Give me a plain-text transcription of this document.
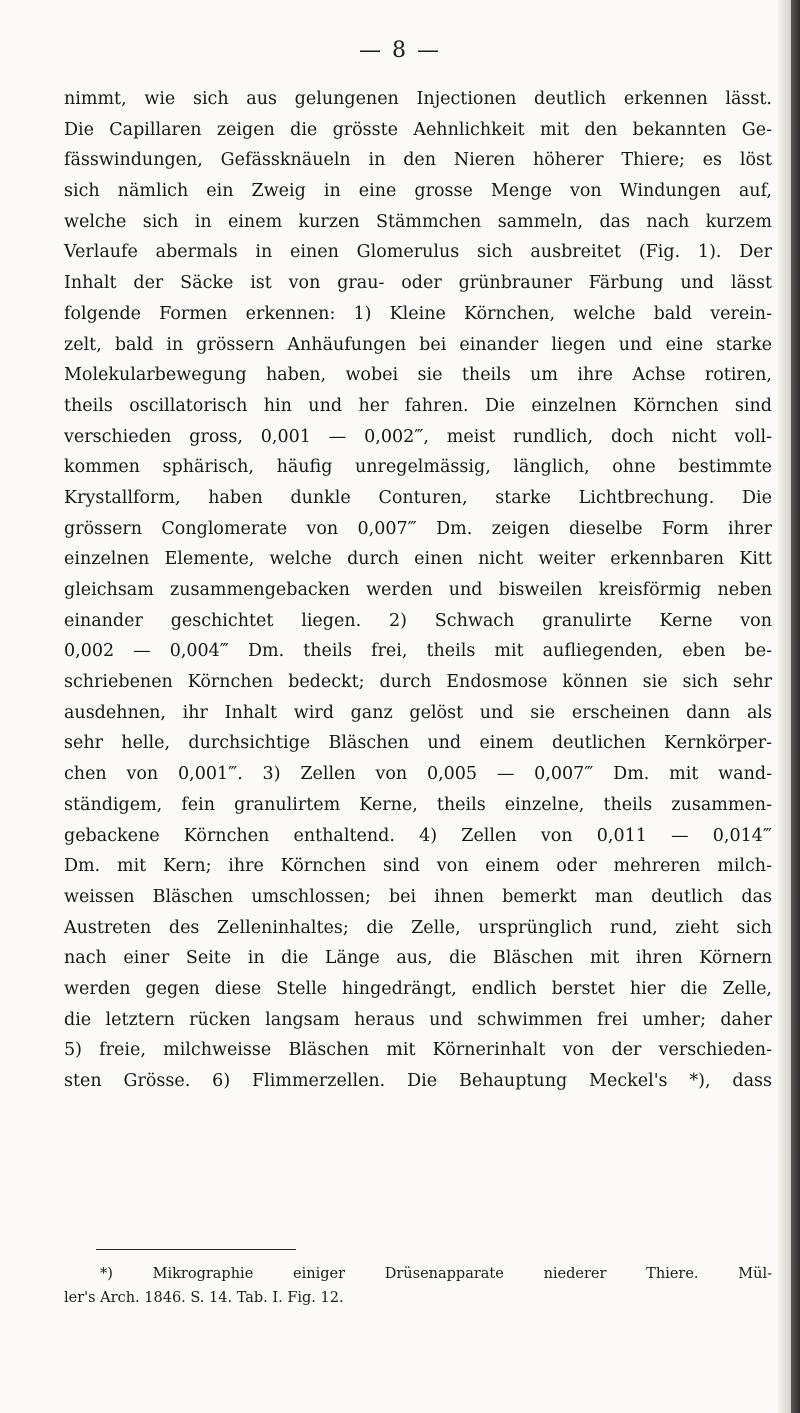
— 8 —
nimmt, wie sich aus gelungenen Injectionen deutlich erkennen lässt.
Die Capillaren zeigen die grösste Aehnlichkeit mit den bekannten Ge-
fässwindungen, Gefässknäueln in den Nieren höherer Thiere; es löst
sich nämlich ein Zweig in eine grosse Menge von Windungen auf,
welche sich in einem kurzen Stämmchen sammeln, das nach kurzem
Verlaufe abermals in einen Glomerulus sich ausbreitet (Fig. 1). Der
Inhalt der Säcke ist von grau- oder grünbrauner Färbung und lässt
folgende Formen erkennen: 1) Kleine Körnchen, welche bald verein-
zelt, bald in grössern Anhäufungen bei einander liegen und eine starke
Molekularbewegung haben, wobei sie theils um ihre Achse rotiren,
theils oscillatorisch hin und her fahren. Die einzelnen Körnchen sind
verschieden gross, 0,001 — 0,002‴, meist rundlich, doch nicht voll-
kommen sphärisch, häufig unregelmässig, länglich, ohne bestimmte
Krystallform, haben dunkle Conturen, starke Lichtbrechung. Die
grössern Conglomerate von 0,007‴ Dm. zeigen dieselbe Form ihrer
einzelnen Elemente, welche durch einen nicht weiter erkennbaren Kitt
gleichsam zusammengebacken werden und bisweilen kreisförmig neben
einander geschichtet liegen. 2) Schwach granulirte Kerne von
0,002 — 0,004‴ Dm. theils frei, theils mit aufliegenden, eben be-
schriebenen Körnchen bedeckt; durch Endosmose können sie sich sehr
ausdehnen, ihr Inhalt wird ganz gelöst und sie erscheinen dann als
sehr helle, durchsichtige Bläschen und einem deutlichen Kernkörper-
chen von 0,001‴. 3) Zellen von 0,005 — 0,007‴ Dm. mit wand-
ständigem, fein granulirtem Kerne, theils einzelne, theils zusammen-
gebackene Körnchen enthaltend. 4) Zellen von 0,011 — 0,014‴
Dm. mit Kern; ihre Körnchen sind von einem oder mehreren milch-
weissen Bläschen umschlossen; bei ihnen bemerkt man deutlich das
Austreten des Zelleninhaltes; die Zelle, ursprünglich rund, zieht sich
nach einer Seite in die Länge aus, die Bläschen mit ihren Körnern
werden gegen diese Stelle hingedrängt, endlich berstet hier die Zelle,
die letztern rücken langsam heraus und schwimmen frei umher; daher
5) freie, milchweisse Bläschen mit Körnerinhalt von der verschieden-
sten Grösse. 6) Flimmerzellen. Die Behauptung Meckel's *), dass
*) Mikrographie einiger Drüsenapparate niederer Thiere. Mül-
ler's Arch. 1846. S. 14. Tab. I. Fig. 12.
